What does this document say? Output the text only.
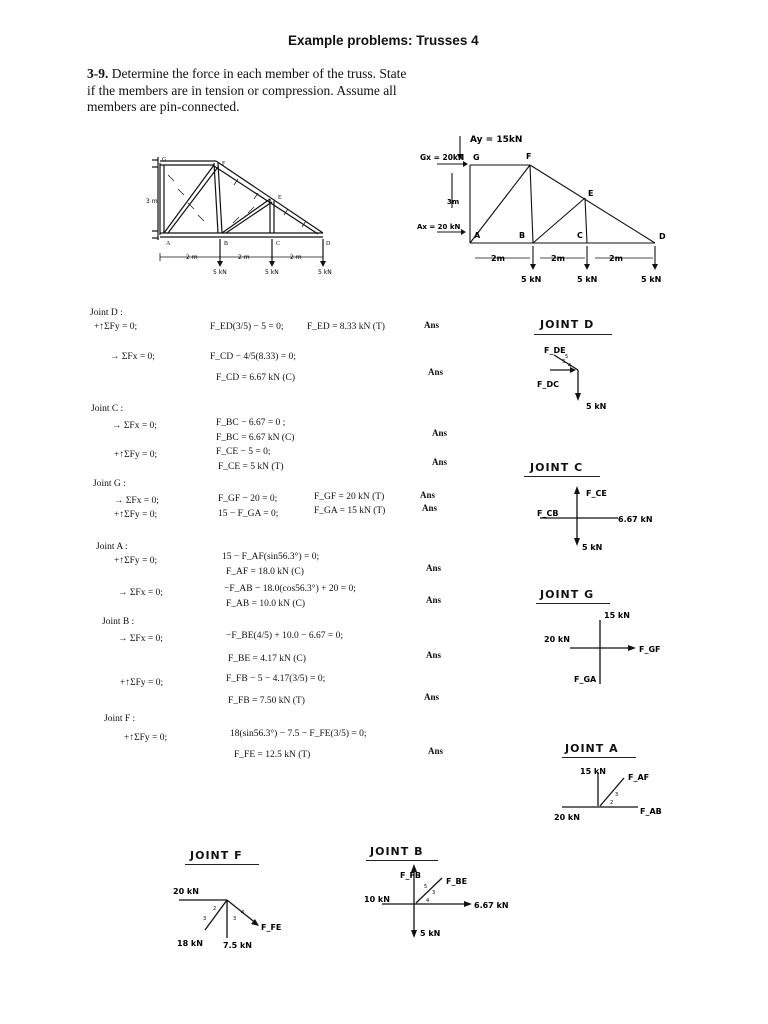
Example problems: Trusses 4
3-9. Determine the force in each member of the truss. State if the members are in tension or compression. Assume all members are pin-connected.
3 m
2 m	2 m	2 m
5 kN	5 kN	5 kN
G
F
E
A	B	C	D
Ay = 15kN
Gx = 20kN
Ax = 20 kN
3m
2m	2m	2m
5 kN	5 kN	5 kN
G	F
E
A	B	C	D
Joint D :
+↑ΣFy = 0;	F_ED(3/5) − 5 = 0; F_ED = 8.33 kN (T)	Ans
→ ΣFx = 0;	F_CD − 4/5(8.33) = 0;
F_CD = 6.67 kN (C)
Ans
Joint C :
→ ΣFx = 0;	F_BC − 6.67 = 0 ;
F_BC = 6.67 kN (C)	Ans
+↑ΣFy = 0;	F_CE − 5 = 0;
F_CE = 5 kN (T)	Ans
Joint G :
→ ΣFx = 0;	F_GF − 20 = 0;	F_GF = 20 kN (T)	Ans
+↑ΣFy = 0;	15 − F_GA = 0;	F_GA = 15 kN (T)	Ans
Joint A :
+↑ΣFy = 0;	15 − F_AF(sin56.3°) = 0;
F_AF = 18.0 kN (C)	Ans
→ ΣFx = 0;	−F_AB − 18.0(cos56.3°) + 20 = 0;
F_AB = 10.0 kN (C)	Ans
Joint B :
→ ΣFx = 0;	−F_BE(4/5) + 10.0 − 6.67 = 0;
F_BE = 4.17 kN (C)	Ans
+↑ΣFy = 0;	F_FB − 5 − 4.17(3/5) = 0;
F_FB = 7.50 kN (T)	Ans
Joint F :
+↑ΣFy = 0;	18(sin56.3°) − 7.5 − F_FE(3/5) = 0;
F_FE = 12.5 kN (T)	Ans
JOINT D
F_DE
F_DC
5 kN
4
3
5
JOINT C
F_CE
F_CB
6.67 kN
5 kN
JOINT G
15 kN
20 kN
F_GF
F_GA
JOINT A
15 kN
F_AF
20 kN
F_AB
3
2
JOINT F
20 kN
18 kN	7.5 kN
F_FE
3
2
3
4
JOINT B
F_FB
F_BE
10 kN
6.67 kN
5 kN
5
3
4
